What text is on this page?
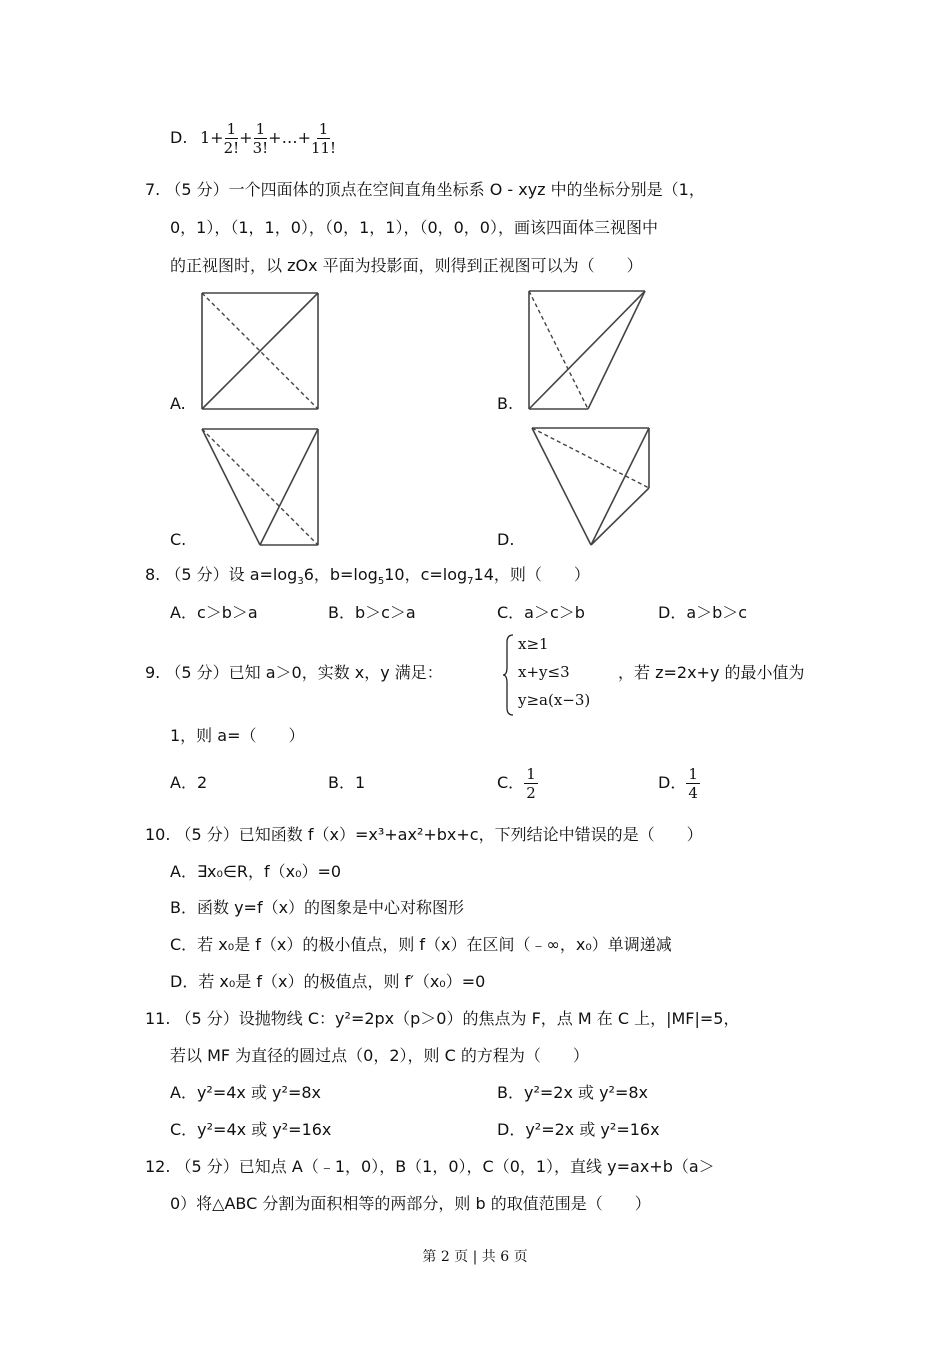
D. $1+ \frac{1}{2!} + \frac{1}{3!}$ +…+ $\frac{1}{11!}$
7. （5 分）一个四面体的顶点在空间直角坐标系 O - xyz 中的坐标分别是（1，
0，1），（1，1，0），（0，1，1），（0，0，0），画该四面体三视图中
的正视图时，以 zOx 平面为投影面，则得到正视图可以为（　　）
A.	B.
C.	D.
8. （5 分）设 $a=\log_36$，$b=\log_510$，$c=\log_714$，则（　　）
A．c＞b＞a	B．b＞c＞a	C．a＞c＞b	D．a＞b＞c
9. （5 分）已知 a＞0，实数 x，y 满足：
x≥1
x+y≤3
y≥a(x−3)
，若 z=2x+y 的最小值为
1，则 a=（　　）
A．2	B．1	C． $\frac{1}{2}$	D． $\frac{1}{4}$
10. （5 分）已知函数 f（x）=x³+ax²+bx+c，下列结论中错误的是（　　）
A．∃x₀∈R，f（x₀）=0
B．函数 y=f（x）的图象是中心对称图形
C．若 x₀是 f（x）的极小值点，则 f（x）在区间（﹣∞，x₀）单调递减
D．若 x₀是 f（x）的极值点，则 f′（x₀）=0
11. （5 分）设抛物线 C：y²=2px（p＞0）的焦点为 F，点 M 在 C 上，|MF|=5，
若以 MF 为直径的圆过点（0，2），则 C 的方程为（　　）
A．y²=4x 或 y²=8x	B．y²=2x 或 y²=8x
C．y²=4x 或 y²=16x	D．y²=2x 或 y²=16x
12. （5 分）已知点 A（﹣1，0），B（1，0），C（0，1），直线 y=ax+b（a＞
0）将△ABC 分割为面积相等的两部分，则 b 的取值范围是（　　）
第 2 页 | 共 6 页
